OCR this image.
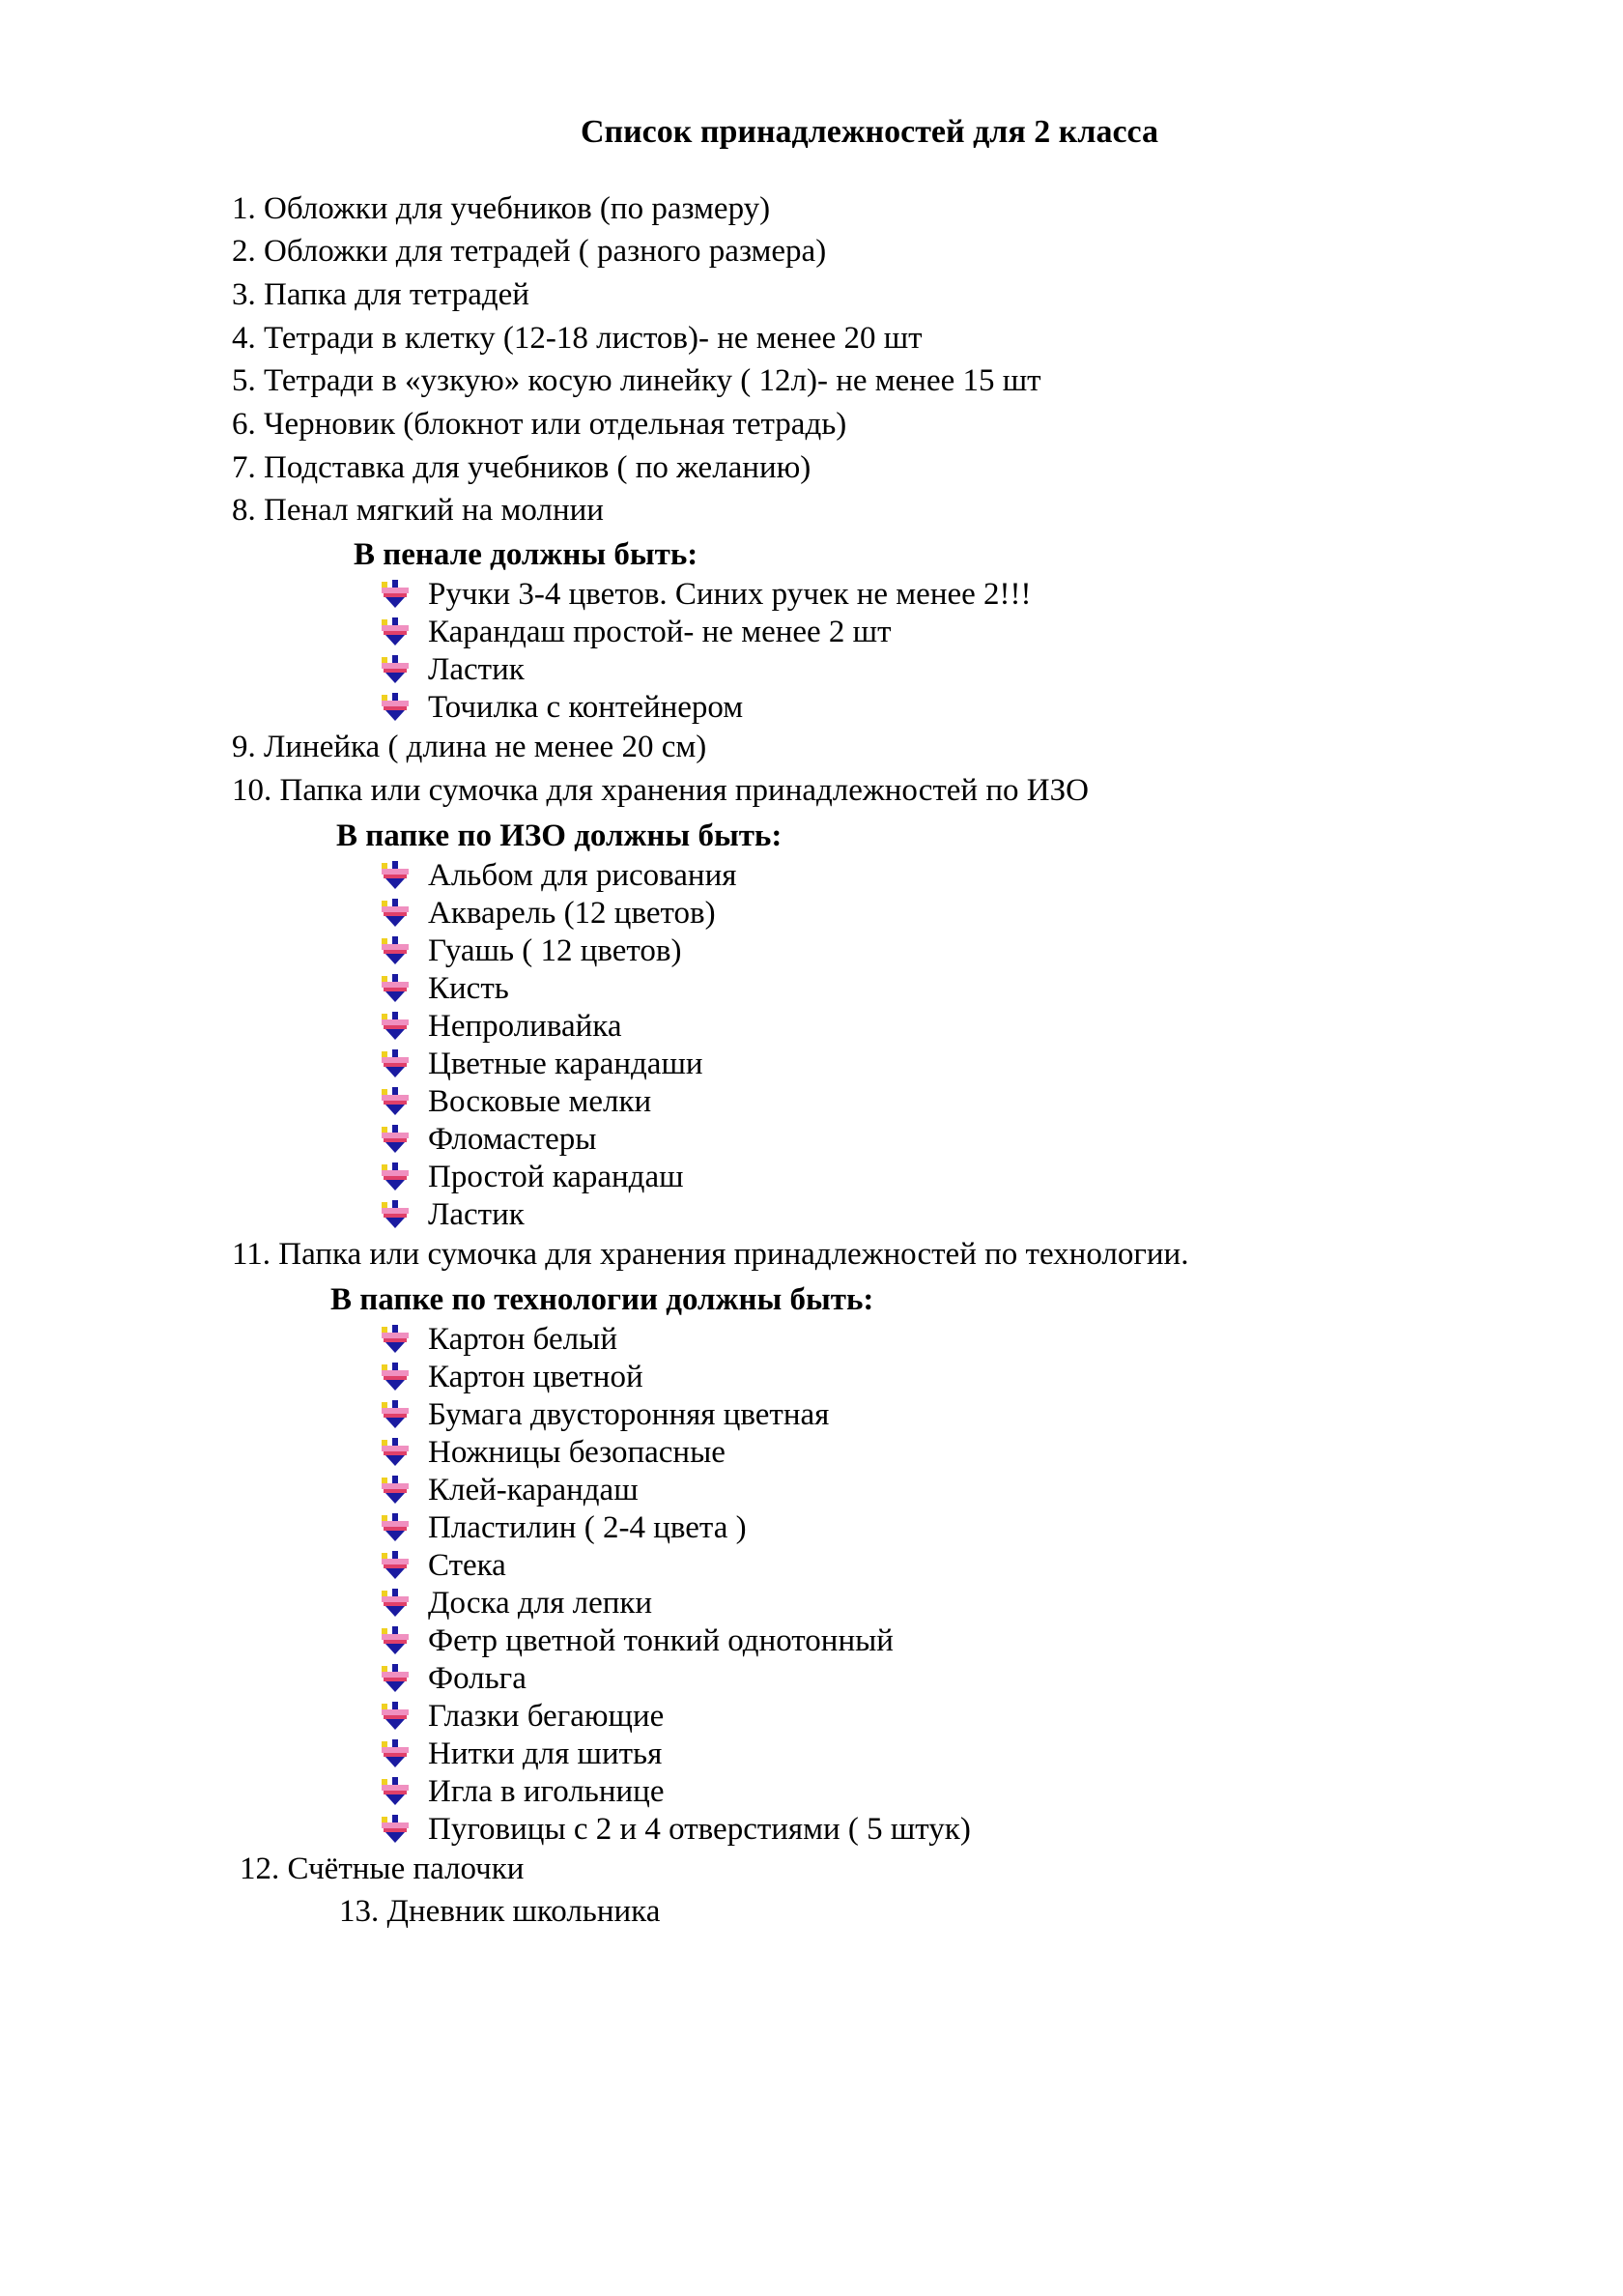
Список принадлежностей для 2 класса
1. Обложки для учебников (по размеру)
2. Обложки для тетрадей ( разного размера)
3. Папка для тетрадей
4. Тетради в клетку (12-18 листов)- не менее 20 шт
5. Тетради в «узкую» косую линейку ( 12л)- не менее 15 шт
6. Черновик (блокнот или отдельная тетрадь)
7. Подставка для учебников ( по желанию)
8. Пенал мягкий на молнии
В пенале должны быть:
Ручки 3-4 цветов. Синих ручек не менее 2!!!
Карандаш простой- не менее 2 шт
Ластик
Точилка с контейнером
9. Линейка ( длина не менее 20 см)
10. Папка или сумочка для хранения принадлежностей по ИЗО
В папке по ИЗО должны быть:
Альбом для рисования
Акварель (12 цветов)
Гуашь ( 12 цветов)
Кисть
Непроливайка
Цветные карандаши
Восковые мелки
Фломастеры
Простой карандаш
Ластик
11. Папка или сумочка для хранения принадлежностей по технологии.
В папке по технологии должны быть:
Картон белый
Картон цветной
Бумага двусторонняя цветная
Ножницы безопасные
Клей-карандаш
Пластилин ( 2-4 цвета )
Стека
Доска для лепки
Фетр цветной тонкий однотонный
Фольга
Глазки бегающие
Нитки для шитья
Игла в игольнице
Пуговицы с 2 и 4 отверстиями ( 5 штук)
12. Счётные палочки
13. Дневник школьника
